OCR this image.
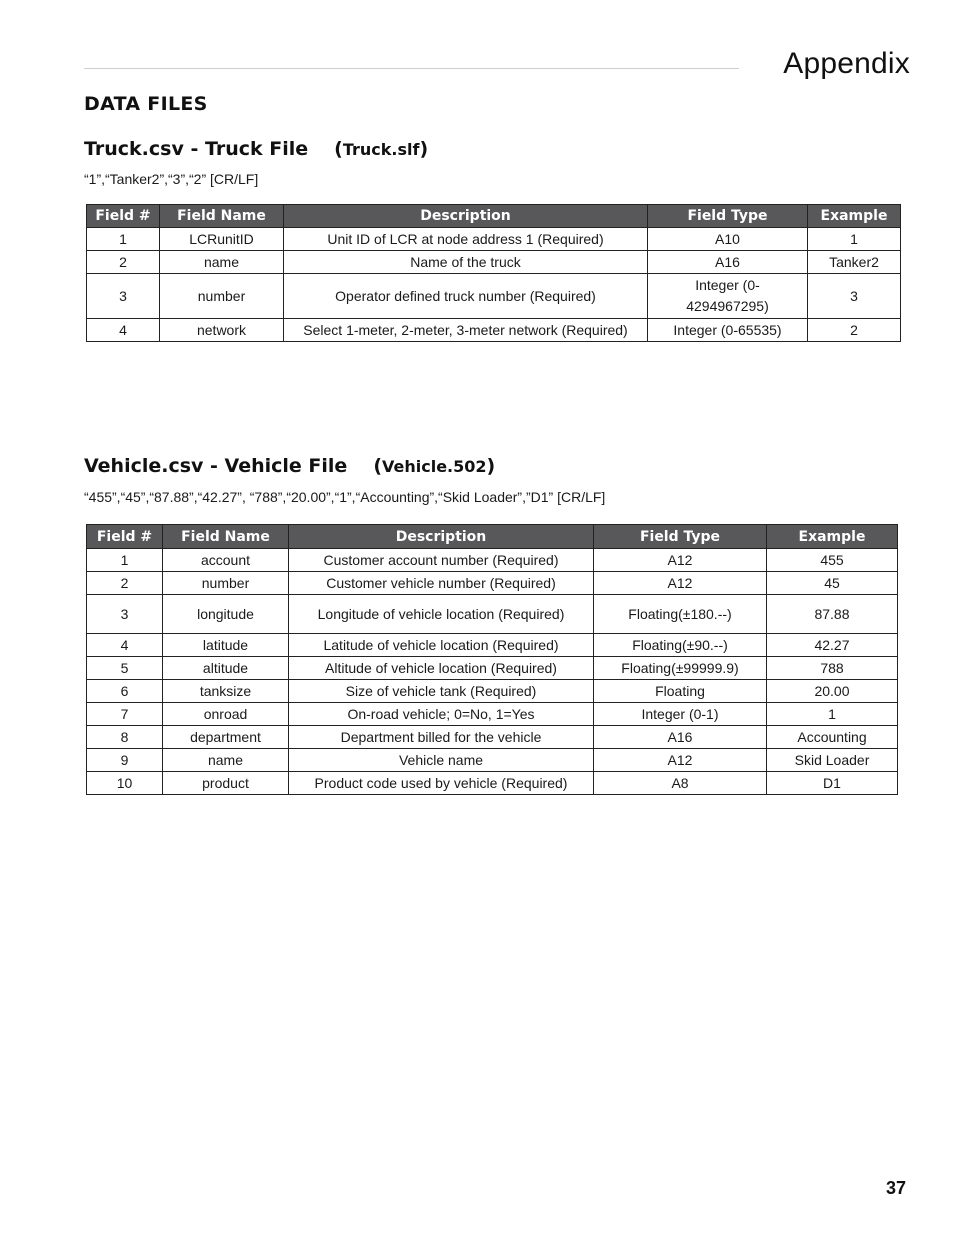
Appendix
DATA FILES
Truck.csv - Truck File (Truck.slf)
“1”,“Tanker2”,“3”,“2” [CR/LF]
Field #	Field Name	Description	Field Type	Example
1	LCRunitID	Unit ID of LCR at node address 1 (Required)	A10	1
2	name	Name of the truck	A16	Tanker2
3	number	Operator defined truck number (Required)	Integer (0-4294967295)	3
4	network	Select 1-meter, 2-meter, 3-meter network (Required)	Integer (0-65535)	2
Vehicle.csv - Vehicle File (Vehicle.502)
“455”,“45”,“87.88”,“42.27”, “788”,“20.00”,“1”,“Accounting”,“Skid Loader”,”D1” [CR/LF]
Field #	Field Name	Description	Field Type	Example
1	account	Customer account number (Required)	A12	455
2	number	Customer vehicle number (Required)	A12	45
3	longitude	Longitude of vehicle location (Required)	Floating(±180.--)	87.88
4	latitude	Latitude of vehicle location (Required)	Floating(±90.--)	42.27
5	altitude	Altitude of vehicle location (Required)	Floating(±99999.9)	788
6	tanksize	Size of vehicle tank (Required)	Floating	20.00
7	onroad	On-road vehicle; 0=No, 1=Yes	Integer (0-1)	1
8	department	Department billed for the vehicle	A16	Accounting
9	name	Vehicle name	A12	Skid Loader
10	product	Product code used by vehicle (Required)	A8	D1
37
